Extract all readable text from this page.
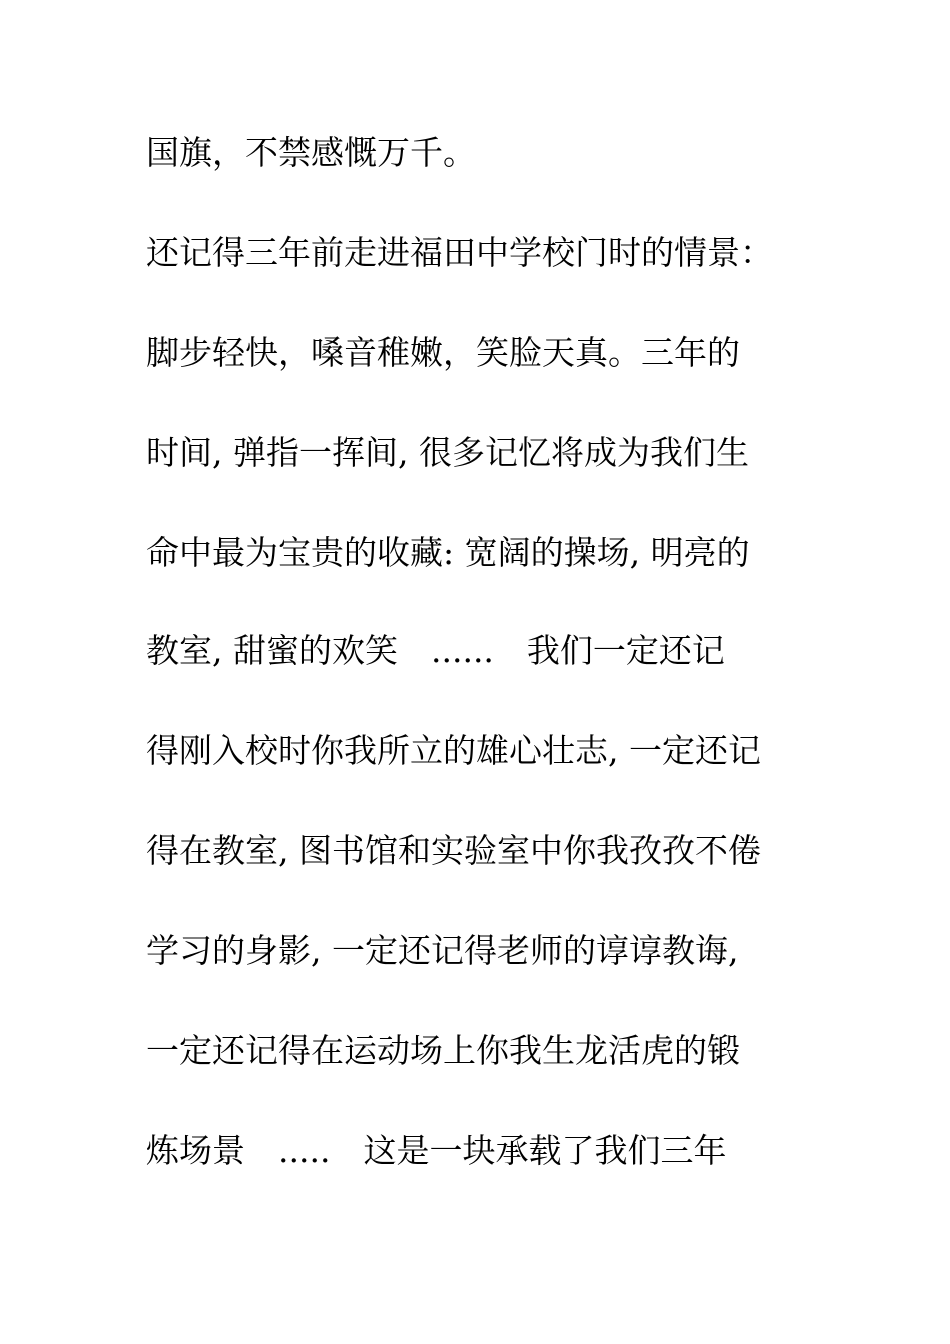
国旗，不禁感慨万千。
还记得三年前走进福田中学校门时的情景：
脚步轻快，嗓音稚嫩，笑脸天真。三年的
时间, 弹指一挥间, 很多记忆将成为我们生
命中最为宝贵的收藏: 宽阔的操场, 明亮的
教室, 甜蜜的欢笑　......　我们一定还记
得刚入校时你我所立的雄心壮志, 一定还记
得在教室, 图书馆和实验室中你我孜孜不倦
学习的身影, 一定还记得老师的谆谆教诲,
一定还记得在运动场上你我生龙活虎的锻
炼场景　.....　这是一块承载了我们三年
